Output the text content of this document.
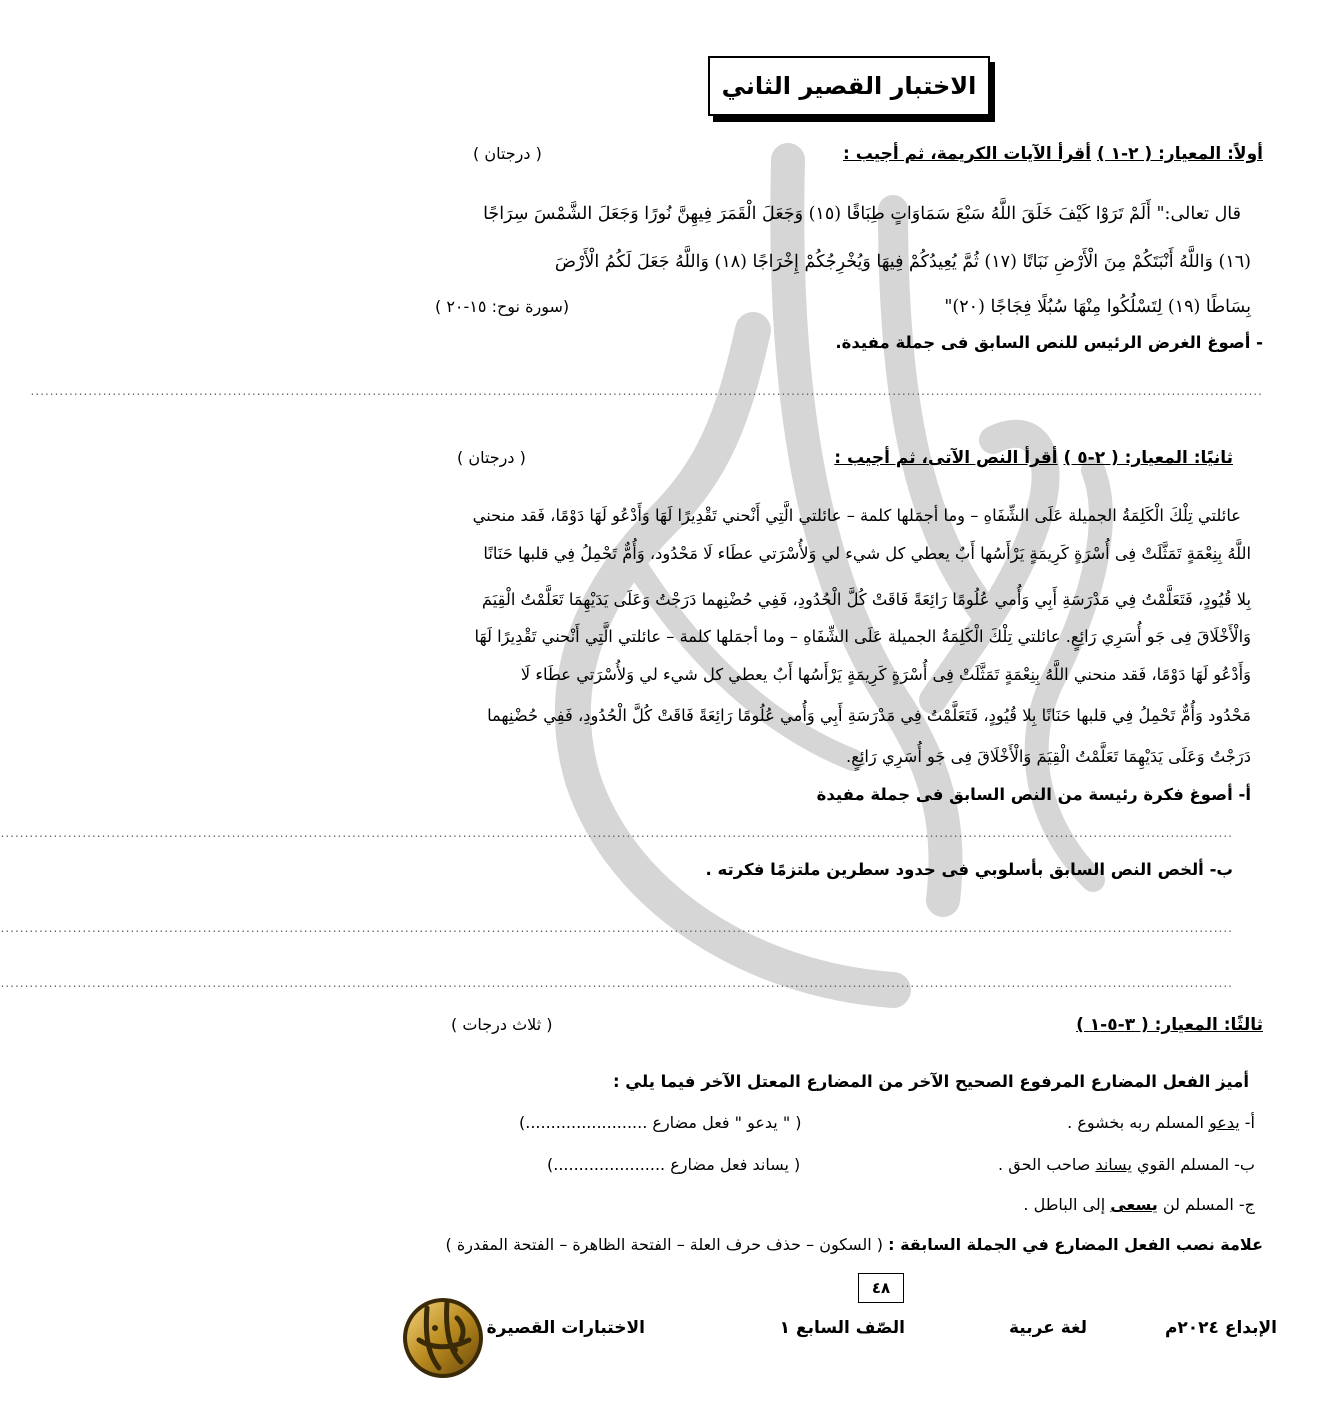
الاختبار القصير الثاني
أولاً: المعيار: ( ٢-١ ) أقرأ الآيات الكريمة، ثم أجيب :
( درجتان )
قال تعالى:" أَلَمْ تَرَوْا كَيْفَ خَلَقَ اللَّهُ سَبْعَ سَمَاوَاتٍ طِبَاقًا (١٥) وَجَعَلَ الْقَمَرَ فِيهِنَّ نُورًا وَجَعَلَ الشَّمْسَ سِرَاجًا
(١٦) وَاللَّهُ أَنْبَتَكُمْ مِنَ الْأَرْضِ نَبَاتًا (١٧) ثُمَّ يُعِيدُكُمْ فِيهَا وَيُخْرِجُكُمْ إِخْرَاجًا (١٨) وَاللَّهُ جَعَلَ لَكُمُ الْأَرْضَ
بِسَاطًا (١٩) لِتَسْلُكُوا مِنْهَا سُبُلًا فِجَاجًا (٢٠)"
(سورة نوح: ١٥-٢٠ )
- أصوغ الغرض الرئيس للنص السابق فى جملة مفيدة.
................................................................................................................................................................................................................................................................
ثانيًا: المعيار: ( ٢-٥ ) أقرأ النص الآتى، ثم أجيب :
( درجتان )
عائلتي تِلْكَ الْكَلِمَةُ الجميلة عَلَى الشِّفَاهِ – وما أجمَلها كلمة – عائلتي الَّتِي أَنْحني تَقْدِيرًا لَهَا وَأَدْعُو لَهَا دَوْمًا، فَقد منحني
اللَّهُ بِنِعْمَةٍ تَمَثَّلَتْ فِى أُسْرَةٍ كَرِيمَةٍ يَرْأَسُها أَبٌ يعطي كل شيء لي وَلأُسْرَتي عطَاء لَا مَحْدُود، وَأُمٌّ تَحْمِلُ فِي قلبها حَنَانًا
بِلا قُيُودٍ، فَتَعَلَّمْتُ فِي مَدْرَسَةِ أَبِي وَأُمي عُلُومًا رَائِعَةً فَاقَتْ كُلَّ الْحُدُودِ، فَفِي حُضْنِهما دَرَجْتُ وَعَلَى يَدَيْهِمَا تَعَلَّمْتُ الْقِيَمَ
وَالْأَخْلَاقَ فِى جَو أُسَرِي رَائِعٍ. عائلتي تِلْكَ الْكَلِمَةُ الجميلة عَلَى الشِّفَاهِ – وما أجمَلها كلمة – عائلتي الَّتِي أَنْحني تَقْدِيرًا لَهَا
وَأَدْعُو لَهَا دَوْمًا، فَقد منحني اللَّهُ بِنِعْمَةٍ تَمَثَّلَتْ فِى أُسْرَةٍ كَرِيمَةٍ يَرْأَسُها أَبٌ يعطي كل شيء لي وَلأُسْرَتي عطَاء لَا
مَحْدُود وَأُمٌّ تَحْمِلُ فِي قلبها حَنَانًا بِلا قُيُودٍ، فَتَعَلَّمْتُ فِي مَدْرَسَةِ أَبِي وَأُمي عُلُومًا رَائِعَةً فَاقَتْ كُلَّ الْحُدُودِ، فَفِي حُضْنِهما
دَرَجْتُ وَعَلَى يَدَيْهِمَا تَعَلَّمْتُ الْقِيَمَ وَالْأَخْلَاقَ فِى جَو أُسَرِي رَائِعٍ.
أ- أصوغ فكرة رئيسة من النص السابق فى جملة مفيدة
................................................................................................................................................................................................................................................................
ب- ألخص النص السابق بأسلوبي فى حدود سطرين ملتزمًا فكرته .
................................................................................................................................................................................................................................................................
................................................................................................................................................................................................................................................................
ثالثًا: المعيار: ( ٣-٥-١ )
( ثلاث درجات )
أميز الفعل المضارع المرفوع الصحيح الآخر من المضارع المعتل الآخر فيما يلي :
أ- يدعو المسلم ربه بخشوع .
( " يدعو " فعل مضارع ........................)
ب- المسلم القوي يساند صاحب الحق .
( يساند فعل مضارع ......................)
ج- المسلم لن يسعى إلى الباطل .
علامة نصب الفعل المضارع في الجملة السابقة : ( السكون – حذف حرف العلة – الفتحة الظاهرة – الفتحة المقدرة )
٤٨
الإبداع ٢٠٢٤م
لغة عربية
الصّف السابع ١
الاختبارات القصيرة
